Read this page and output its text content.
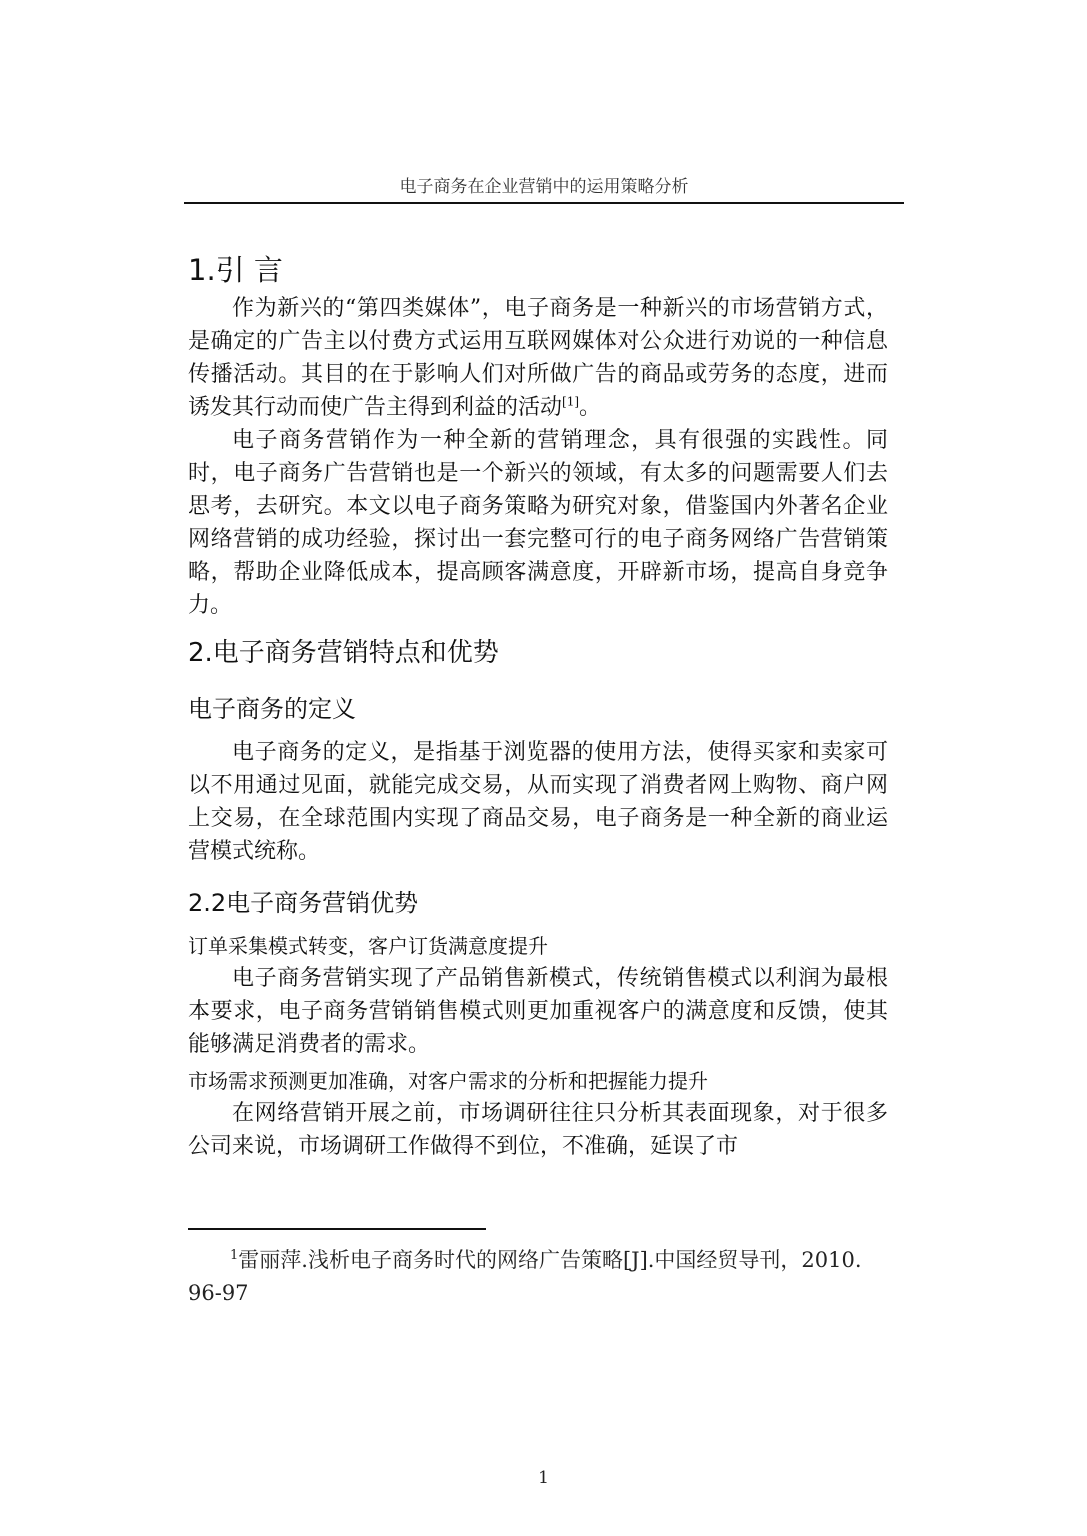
电子商务在企业营销中的运用策略分析
1.引 言

作为新兴的“第四类媒体”，电子商务是一种新兴的市场营销方式，是确定的广告主以付费方式运用互联网媒体对公众进行劝说的一种信息传播活动。其目的在于影响人们对所做广告的商品或劳务的态度，进而诱发其行动而使广告主得到利益的活动[1]。

电子商务营销作为一种全新的营销理念，具有很强的实践性。同时，电子商务广告营销也是一个新兴的领域，有太多的问题需要人们去思考，去研究。本文以电子商务策略为研究对象，借鉴国内外著名企业网络营销的成功经验，探讨出一套完整可行的电子商务网络广告营销策略，帮助企业降低成本，提高顾客满意度，开辟新市场，提高自身竞争力。

2.电子商务营销特点和优势
电子商务的定义

电子商务的定义，是指基于浏览器的使用方法，使得买家和卖家可以不用通过见面，就能完成交易，从而实现了消费者网上购物、商户网上交易，在全球范围内实现了商品交易，电子商务是一种全新的商业运营模式统称。

2.2电子商务营销优势
订单采集模式转变，客户订货满意度提升

电子商务营销实现了产品销售新模式，传统销售模式以利润为最根本要求，电子商务营销销售模式则更加重视客户的满意度和反馈，使其能够满足消费者的需求。

市场需求预测更加准确，对客户需求的分析和把握能力提升

在网络营销开展之前，市场调研往往只分析其表面现象，对于很多公司来说，市场调研工作做得不到位，不准确，延误了市

$^1$雷丽萍.浅析电子商务时代的网络广告策略[J].中国经贸导刊，2010. 96-97
1
